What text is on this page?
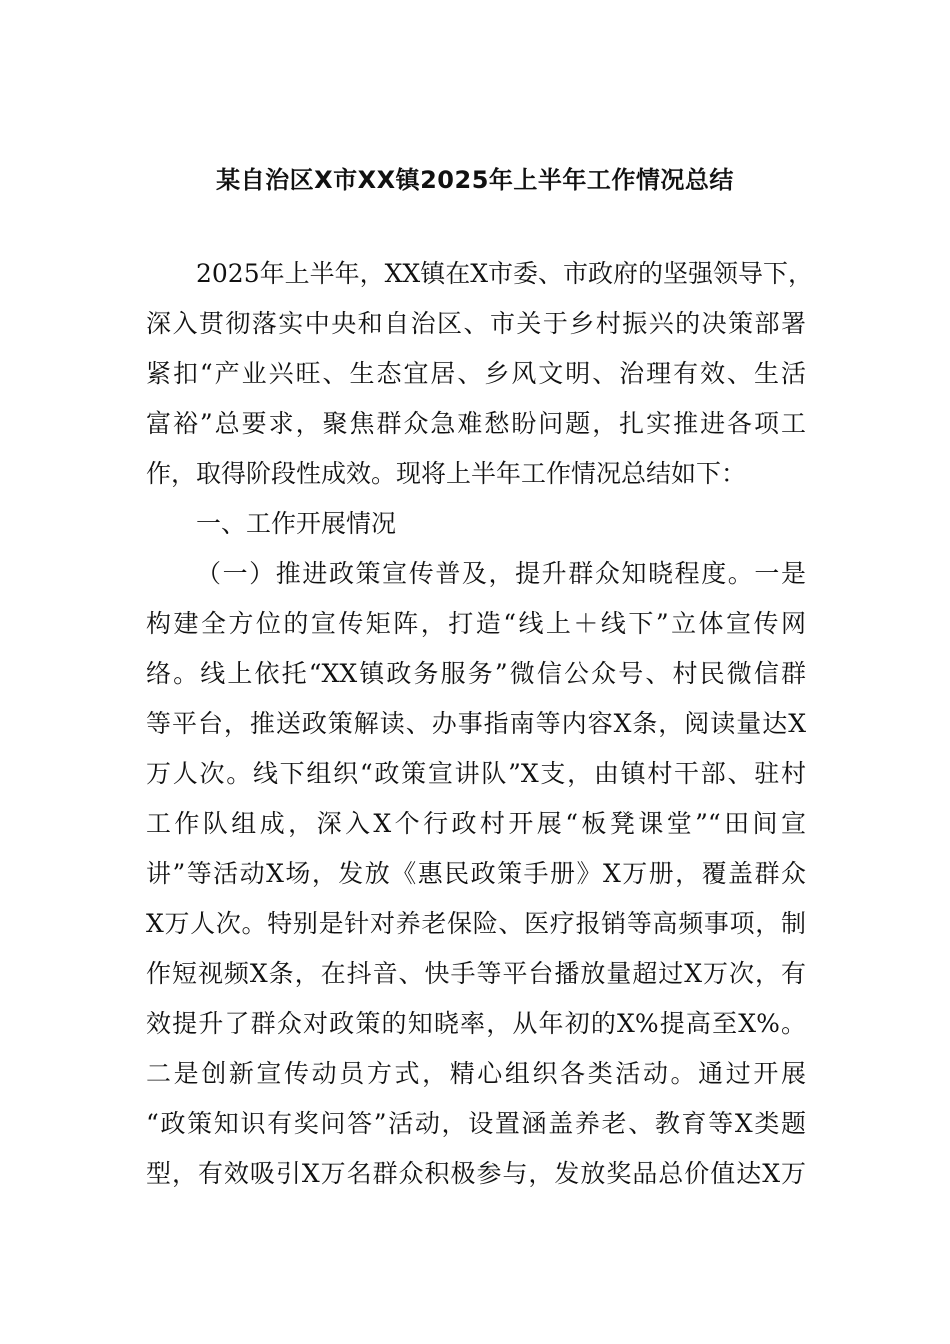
某自治区X市XX镇2025年上半年工作情况总结
2025年上半年，XX镇在X市委、市政府的坚强领导下，
深入贯彻落实中央和自治区、市关于乡村振兴的决策部署
紧扣“产业兴旺、生态宜居、乡风文明、治理有效、生活
富裕”总要求，聚焦群众急难愁盼问题，扎实推进各项工
作，取得阶段性成效。现将上半年工作情况总结如下：
一、工作开展情况
（一）推进政策宣传普及，提升群众知晓程度。一是
构建全方位的宣传矩阵，打造“线上＋线下”立体宣传网
络。线上依托“XX镇政务服务”微信公众号、村民微信群
等平台，推送政策解读、办事指南等内容X条，阅读量达X
万人次。线下组织“政策宣讲队”X支，由镇村干部、驻村
工作队组成，深入X个行政村开展“板凳课堂”“田间宣
讲”等活动X场，发放《惠民政策手册》X万册，覆盖群众
X万人次。特别是针对养老保险、医疗报销等高频事项，制
作短视频X条，在抖音、快手等平台播放量超过X万次，有
效提升了群众对政策的知晓率，从年初的X%提高至X%。
二是创新宣传动员方式，精心组织各类活动。通过开展
“政策知识有奖问答”活动，设置涵盖养老、教育等X类题
型，有效吸引X万名群众积极参与，发放奖品总价值达X万
